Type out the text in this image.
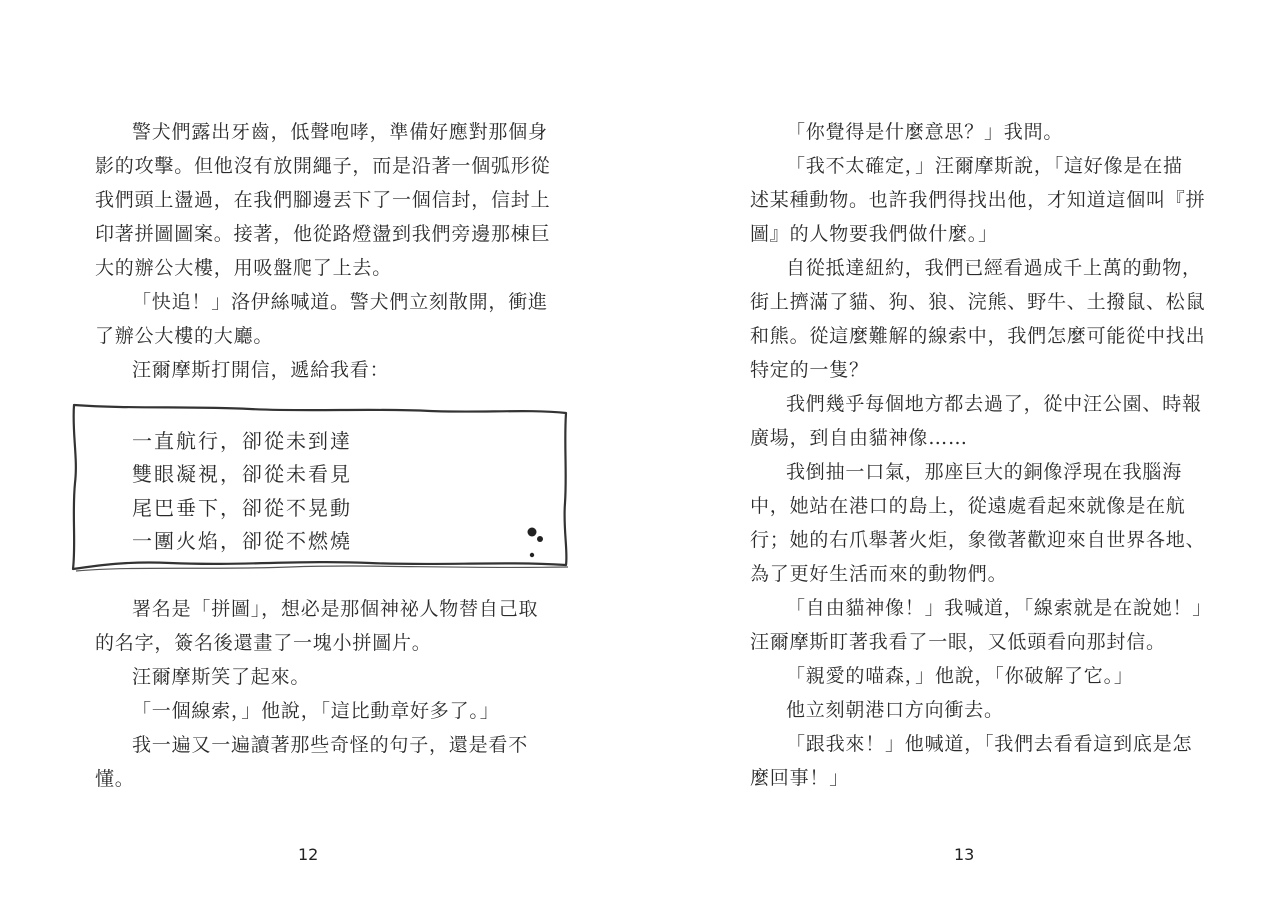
警犬們露出牙齒，低聲咆哮，準備好應對那個身
影的攻擊。但他沒有放開繩子，而是沿著一個弧形從
我們頭上盪過，在我們腳邊丟下了一個信封，信封上
印著拼圖圖案。接著，他從路燈盪到我們旁邊那棟巨
大的辦公大樓，用吸盤爬了上去。
「快追！」洛伊絲喊道。警犬們立刻散開，衝進
了辦公大樓的大廳。
汪爾摩斯打開信，遞給我看：
一直航行，卻從未到達
雙眼凝視，卻從未看見
尾巴垂下，卻從不晃動
一團火焰，卻從不燃燒
署名是「拼圖」，想必是那個神祕人物替自己取
的名字，簽名後還畫了一塊小拼圖片。
汪爾摩斯笑了起來。
「一個線索，」他說，「這比動章好多了。」
我一遍又一遍讀著那些奇怪的句子，還是看不
懂。
12
「你覺得是什麼意思？」我問。
「我不太確定，」汪爾摩斯說，「這好像是在描
述某種動物。也許我們得找出他，才知道這個叫『拼
圖』的人物要我們做什麼。」
自從抵達紐約，我們已經看過成千上萬的動物，
街上擠滿了貓、狗、狼、浣熊、野牛、土撥鼠、松鼠
和熊。從這麼難解的線索中，我們怎麼可能從中找出
特定的一隻？
我們幾乎每個地方都去過了，從中汪公園、時報
廣場，到自由貓神像……
我倒抽一口氣，那座巨大的銅像浮現在我腦海
中，她站在港口的島上，從遠處看起來就像是在航
行；她的右爪舉著火炬，象徵著歡迎來自世界各地、
為了更好生活而來的動物們。
「自由貓神像！」我喊道，「線索就是在說她！」
汪爾摩斯盯著我看了一眼，又低頭看向那封信。
「親愛的喵森，」他說，「你破解了它。」
他立刻朝港口方向衝去。
「跟我來！」他喊道，「我們去看看這到底是怎
麼回事！」
13
